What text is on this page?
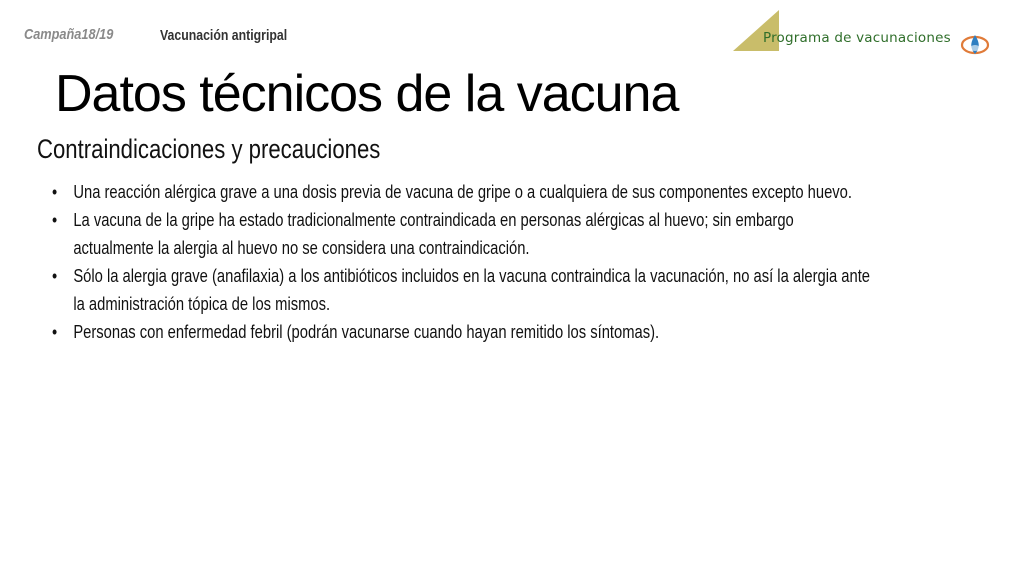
Campaña18/19	Vacunación antigripal	Programa de vacunaciones
Datos técnicos de la vacuna
Contraindicaciones y precauciones
• Una reacción alérgica grave a una dosis previa de vacuna de gripe o a cualquiera de sus componentes excepto huevo.
• La vacuna de la gripe ha estado tradicionalmente contraindicada en personas alérgicas al huevo; sin embargo
actualmente la alergia al huevo no se considera una contraindicación.
• Sólo la alergia grave (anafilaxia) a los antibióticos incluidos en la vacuna contraindica la vacunación, no así la alergia ante
la administración tópica de los mismos.
• Personas con enfermedad febril (podrán vacunarse cuando hayan remitido los síntomas).
